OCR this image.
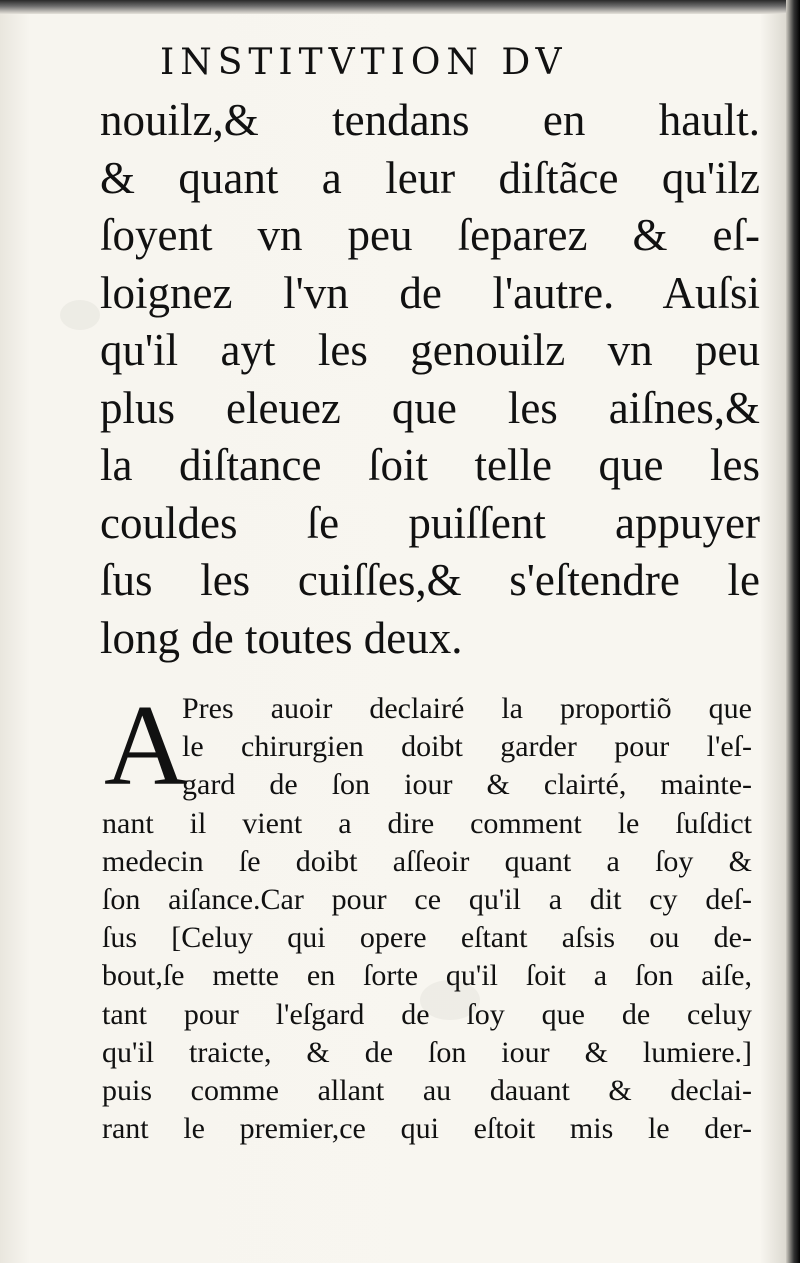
INSTITVTION DV
nouilz,& tendans en hault.
& quant a leur diſtãce qu'ilz
ſoyent vn peu ſeparez & eſ-
loignez l'vn de l'autre. Auſsi
qu'il ayt les genouilz vn peu
plus eleuez que les aiſnes,&
la diſtance ſoit telle que les
couldes ſe puiſſent appuyer
ſus les cuiſſes,& s'eſtendre le
long de toutes deux.
A
Pres auoir declairé la proportiõ que
le chirurgien doibt garder pour l'eſ-
gard de ſon iour & clairté, mainte-
nant il vient a dire comment le ſuſdict
medecin ſe doibt aſſeoir quant a ſoy &
ſon aiſance.Car pour ce qu'il a dit cy deſ-
ſus [Celuy qui opere eſtant aſsis ou de-
bout,ſe mette en ſorte qu'il ſoit a ſon aiſe,
tant pour l'eſgard de ſoy que de celuy
qu'il traicte, & de ſon iour & lumiere.]
puis comme allant au dauant & declai-
rant le premier,ce qui eſtoit mis le der-
